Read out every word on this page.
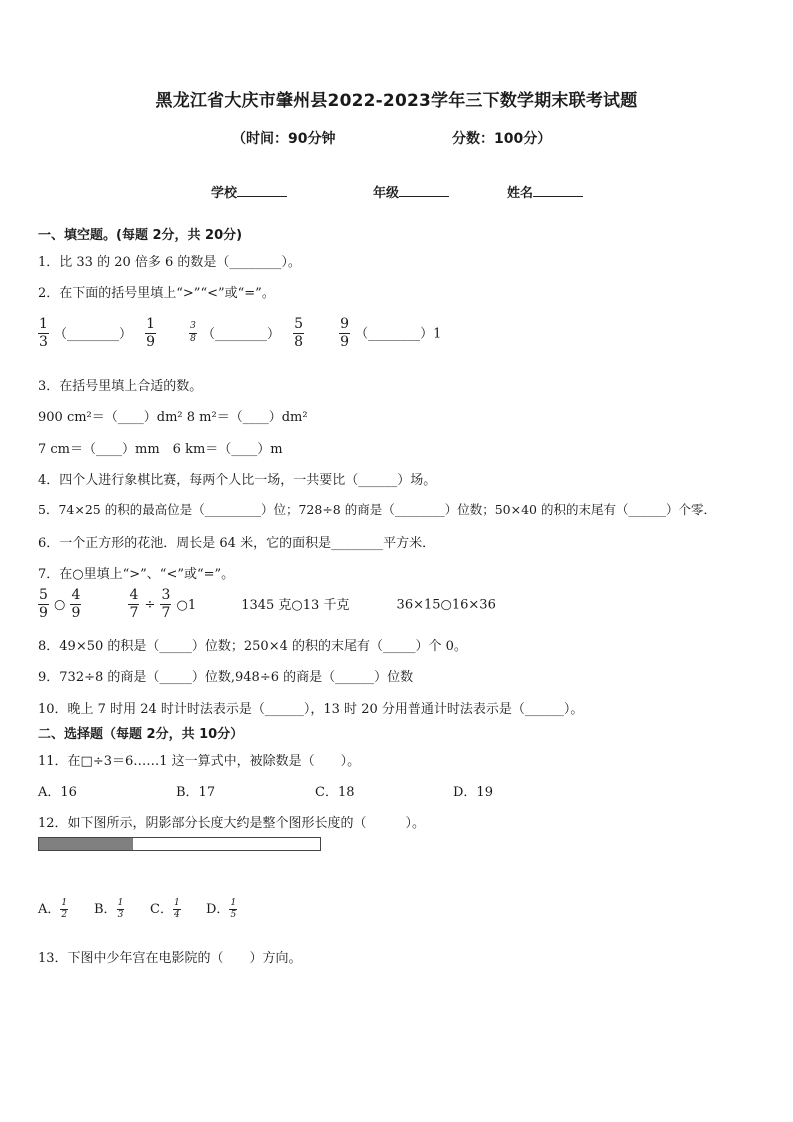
黑龙江省大庆市肇州县2022-2023学年三下数学期末联考试题
（时间：90分钟	分数：100分）
学校	年级	姓名
一、填空题。(每题 2分，共 20分)
1．比 33 的 20 倍多 6 的数是（________）。
2．在下面的括号里填上“>”“<”或“=”。
$\frac{1}{3}$ （________） $\frac{1}{9}$
	$\frac{3}{8}$ （________） $\frac{5}{8}$
	$\frac{9}{9}$ （________）1
3．在括号里填上合适的数。
900 cm²＝（____）dm² 8 m²＝（____）dm²
7 cm＝（____）mm　6 km＝（____）m
4．四个人进行象棋比赛，每两个人比一场，一共要比（______）场。
5．74×25 的积的最高位是（_________）位；728÷8 的商是（________）位数；50×40 的积的末尾有（______）个零．
6．一个正方形的花池．周长是 64 米，它的面积是________平方米．
7．在○里填上“>”、“<”或“=”。
$\frac{5}{9}$ ○ $\frac{4}{9}$
	$\frac{4}{7} \div \frac{3}{7}$ ○1	1345 克○13 千克	36×15○16×36
8．49×50 的积是（_____）位数；250×4 的积的末尾有（_____）个 0。
9．732÷8 的商是（_____）位数,948÷6 的商是（______）位数
10．晚上 7 时用 24 时计时法表示是（______），13 时 20 分用普通计时法表示是（______）。
二、选择题（每题 2分，共 10分）
11．在□÷3＝6……1 这一算式中，被除数是（　　）。
A．16	B．17	C．18	D．19
12．如下图所示，阴影部分长度大约是整个图形长度的（　　　）。
A． $\frac{1}{2}$ B． $\frac{1}{3}$ C． $\frac{1}{4}$ D． $\frac{1}{5}$
13．下图中少年宫在电影院的（　　）方向。
